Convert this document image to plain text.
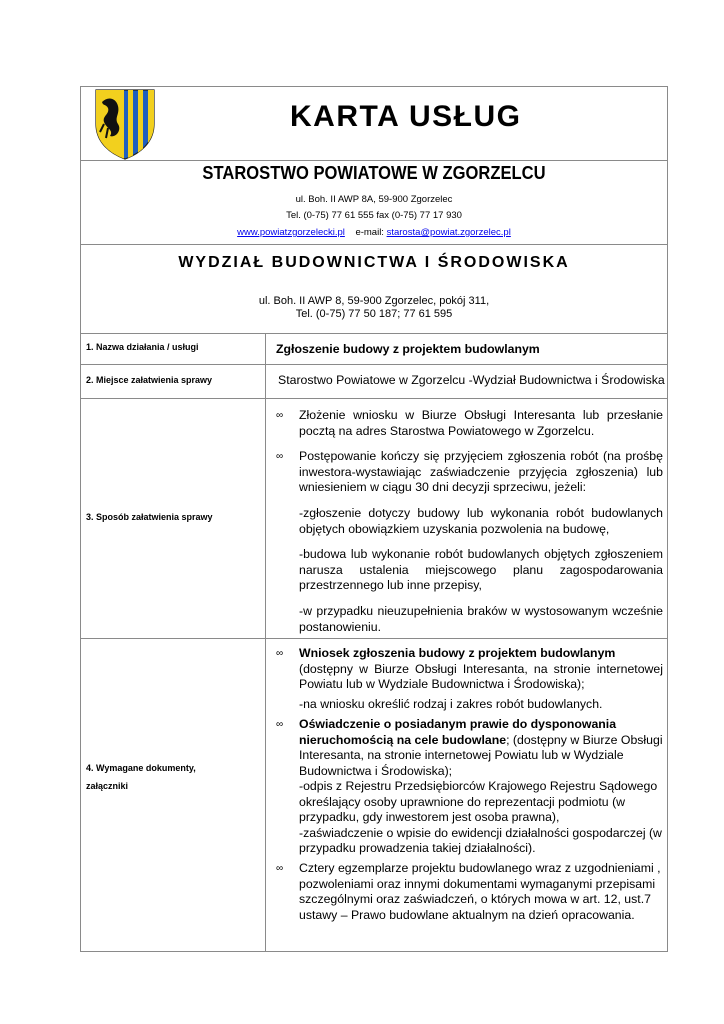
KARTA USŁUG
STAROSTWO POWIATOWE W ZGORZELCU
ul. Boh. II AWP 8A, 59-900 Zgorzelec
Tel. (0-75) 77 61 555 fax (0-75) 77 17 930
www.powiatzgorzelecki.pl e-mail: starosta@powiat.zgorzelec.pl
WYDZIAŁ BUDOWNICTWA I ŚRODOWISKA
ul. Boh. II AWP 8, 59-900 Zgorzelec, pokój 311,
Tel. (0-75) 77 50 187; 77 61 595
1. Nazwa działania / usługi	Zgłoszenie budowy z projektem budowlanym
2. Miejsce załatwienia sprawy	Starostwo Powiatowe w Zgorzelcu -Wydział Budownictwa i Środowiska
3. Sposób załatwienia sprawy
∞ Złożenie wniosku w Biurze Obsługi Interesanta lub przesłanie pocztą na adres Starostwa Powiatowego w Zgorzelcu.
∞ Postępowanie kończy się przyjęciem zgłoszenia robót (na prośbę inwestora-wystawiając zaświadczenie przyjęcia zgłoszenia) lub wniesieniem w ciągu 30 dni decyzji sprzeciwu, jeżeli:
-zgłoszenie dotyczy budowy lub wykonania robót budowlanych objętych obowiązkiem uzyskania pozwolenia na budowę,
-budowa lub wykonanie robót budowlanych objętych zgłoszeniem narusza ustalenia miejscowego planu zagospodarowania przestrzennego lub inne przepisy,
-w przypadku nieuzupełnienia braków w wystosowanym wcześnie postanowieniu.
4. Wymagane dokumenty,
załączniki
∞ Wniosek zgłoszenia budowy z projektem budowlanym
(dostępny w Biurze Obsługi Interesanta, na stronie internetowej Powiatu lub w Wydziale Budownictwa i Środowiska);
-na wniosku określić rodzaj i zakres robót budowlanych.
∞ Oświadczenie o posiadanym prawie do dysponowania nieruchomością na cele budowlane; (dostępny w Biurze Obsługi Interesanta, na stronie internetowej Powiatu lub w Wydziale Budownictwa i Środowiska);
-odpis z Rejestru Przedsiębiorców Krajowego Rejestru Sądowego określający osoby uprawnione do reprezentacji podmiotu (w przypadku, gdy inwestorem jest osoba prawna),
-zaświadczenie o wpisie do ewidencji działalności gospodarczej (w przypadku prowadzenia takiej działalności).
∞ Cztery egzemplarze projektu budowlanego wraz z uzgodnieniami , pozwoleniami oraz innymi dokumentami wymaganymi przepisami szczególnymi oraz zaświadczeń, o których mowa w art. 12, ust.7 ustawy – Prawo budowlane aktualnym na dzień opracowania.
